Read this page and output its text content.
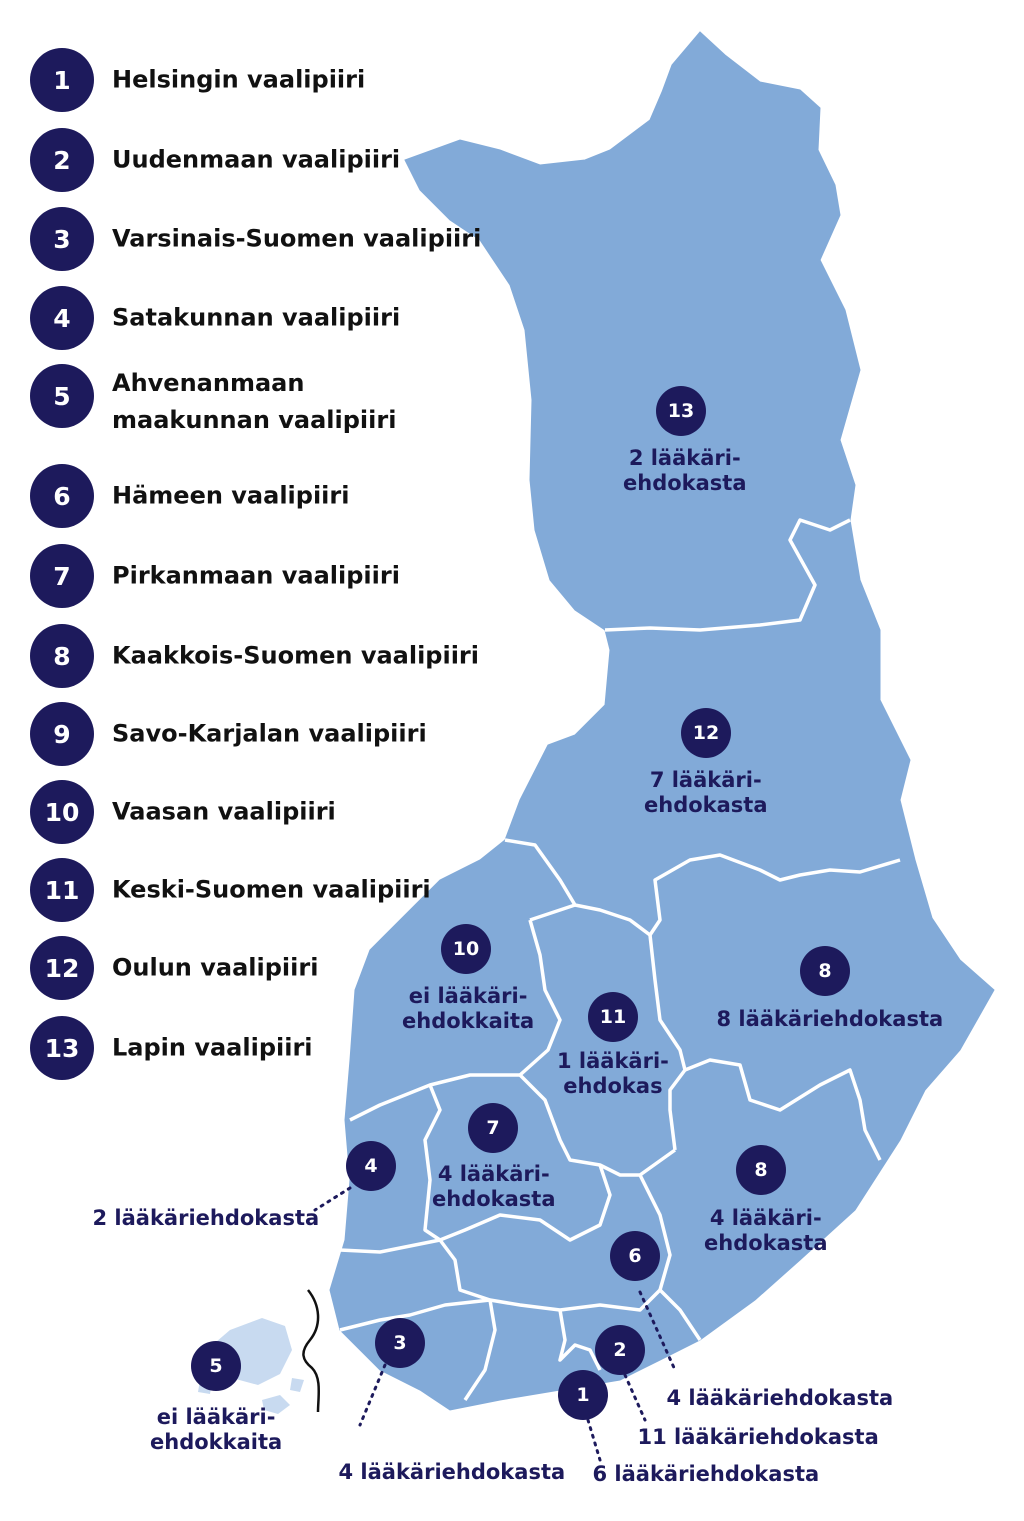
1	Helsingin vaalipiiri
2	Uudenmaan vaalipiiri
3	Varsinais-Suomen vaalipiiri
4	Satakunnan vaalipiiri
5	Ahvenanmaan maakunnan vaalipiiri
6	Hämeen vaalipiiri
7	Pirkanmaan vaalipiiri
8	Kaakkois-Suomen vaalipiiri
9	Savo-Karjalan vaalipiiri
10	Vaasan vaalipiiri
11	Keski-Suomen vaalipiiri
12	Oulun vaalipiiri
13	Lapin vaalipiiri
13
2 lääkäri-
ehdokasta
12
7 lääkäri-
ehdokasta
10
ei lääkäri-
ehdokkaita	11
1 lääkäri-
ehdokas
8
8 lääkäriehdokasta
7
4 lääkäri-
ehdokasta
8
4 lääkäri-
ehdokasta
4
2 lääkäriehdokasta
6
4 lääkäriehdokasta
3
4 lääkäriehdokasta
2
11 lääkäriehdokasta
1
6 lääkäriehdokasta
5
ei lääkäri-
ehdokkaita
